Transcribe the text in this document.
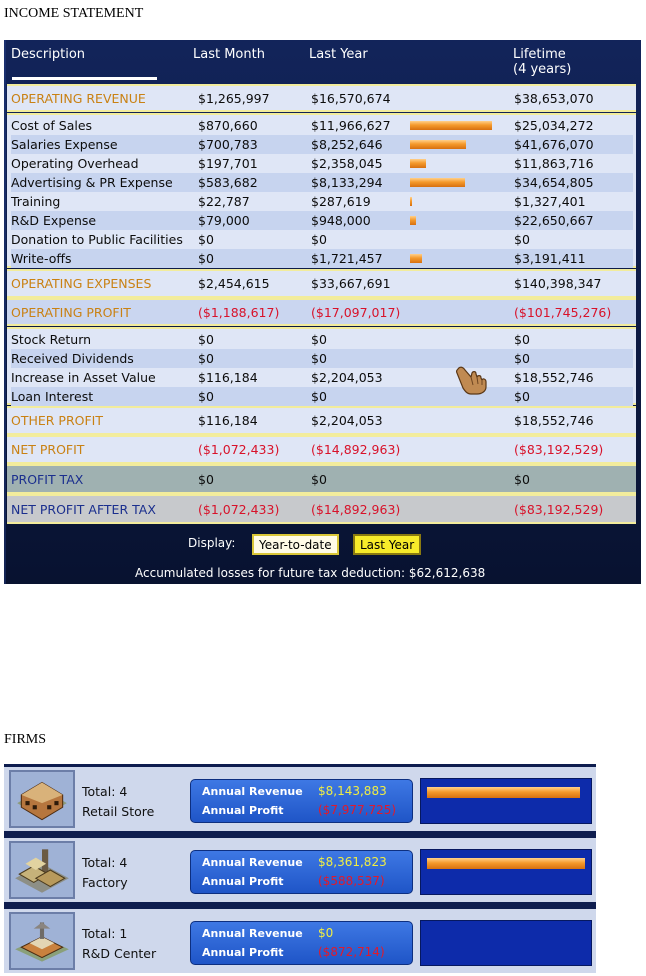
INCOME STATEMENT
Description	Last Month	Last Year	Lifetime
(4 years)
OPERATING REVENUE	$1,265,997	$16,570,674	$38,653,070
Cost of Sales	$870,660	$11,966,627	$25,034,272
Salaries Expense	$700,783	$8,252,646	$41,676,070
Operating Overhead	$197,701	$2,358,045	$11,863,716
Advertising & PR Expense $583,682	$8,133,294	$34,654,805
Training	$22,787	$287,619	$1,327,401
R&D Expense	$79,000	$948,000	$22,650,667
Donation to Public Facilities $0	$0	$0
Write-offs	$0	$1,721,457	$3,191,411
OPERATING EXPENSES	$2,454,615	$33,667,691	$140,398,347
OPERATING PROFIT	($1,188,617)	($17,097,017)	($101,745,276)
Stock Return	$0	$0	$0
Received Dividends	$0	$0	$0
Increase in Asset Value	$116,184	$2,204,053	$18,552,746
Loan Interest	$0	$0	$0
OTHER PROFIT	$116,184	$2,204,053	$18,552,746
NET PROFIT	($1,072,433)	($14,892,963)	($83,192,529)
PROFIT TAX	$0	$0	$0
NET PROFIT AFTER TAX	($1,072,433)	($14,892,963)	($83,192,529)
Display:	Year-to-date	Last Year
Accumulated losses for future tax deduction: $62,612,638
FIRMS
Total: 4
Retail Store
Annual Revenue $8,143,883
Annual Profit	($7,977,725)
Total: 4
Factory
Annual Revenue $8,361,823
Annual Profit	($588,537)
Total: 1
R&D Center
Annual Revenue $0
Annual Profit	($872,714)
